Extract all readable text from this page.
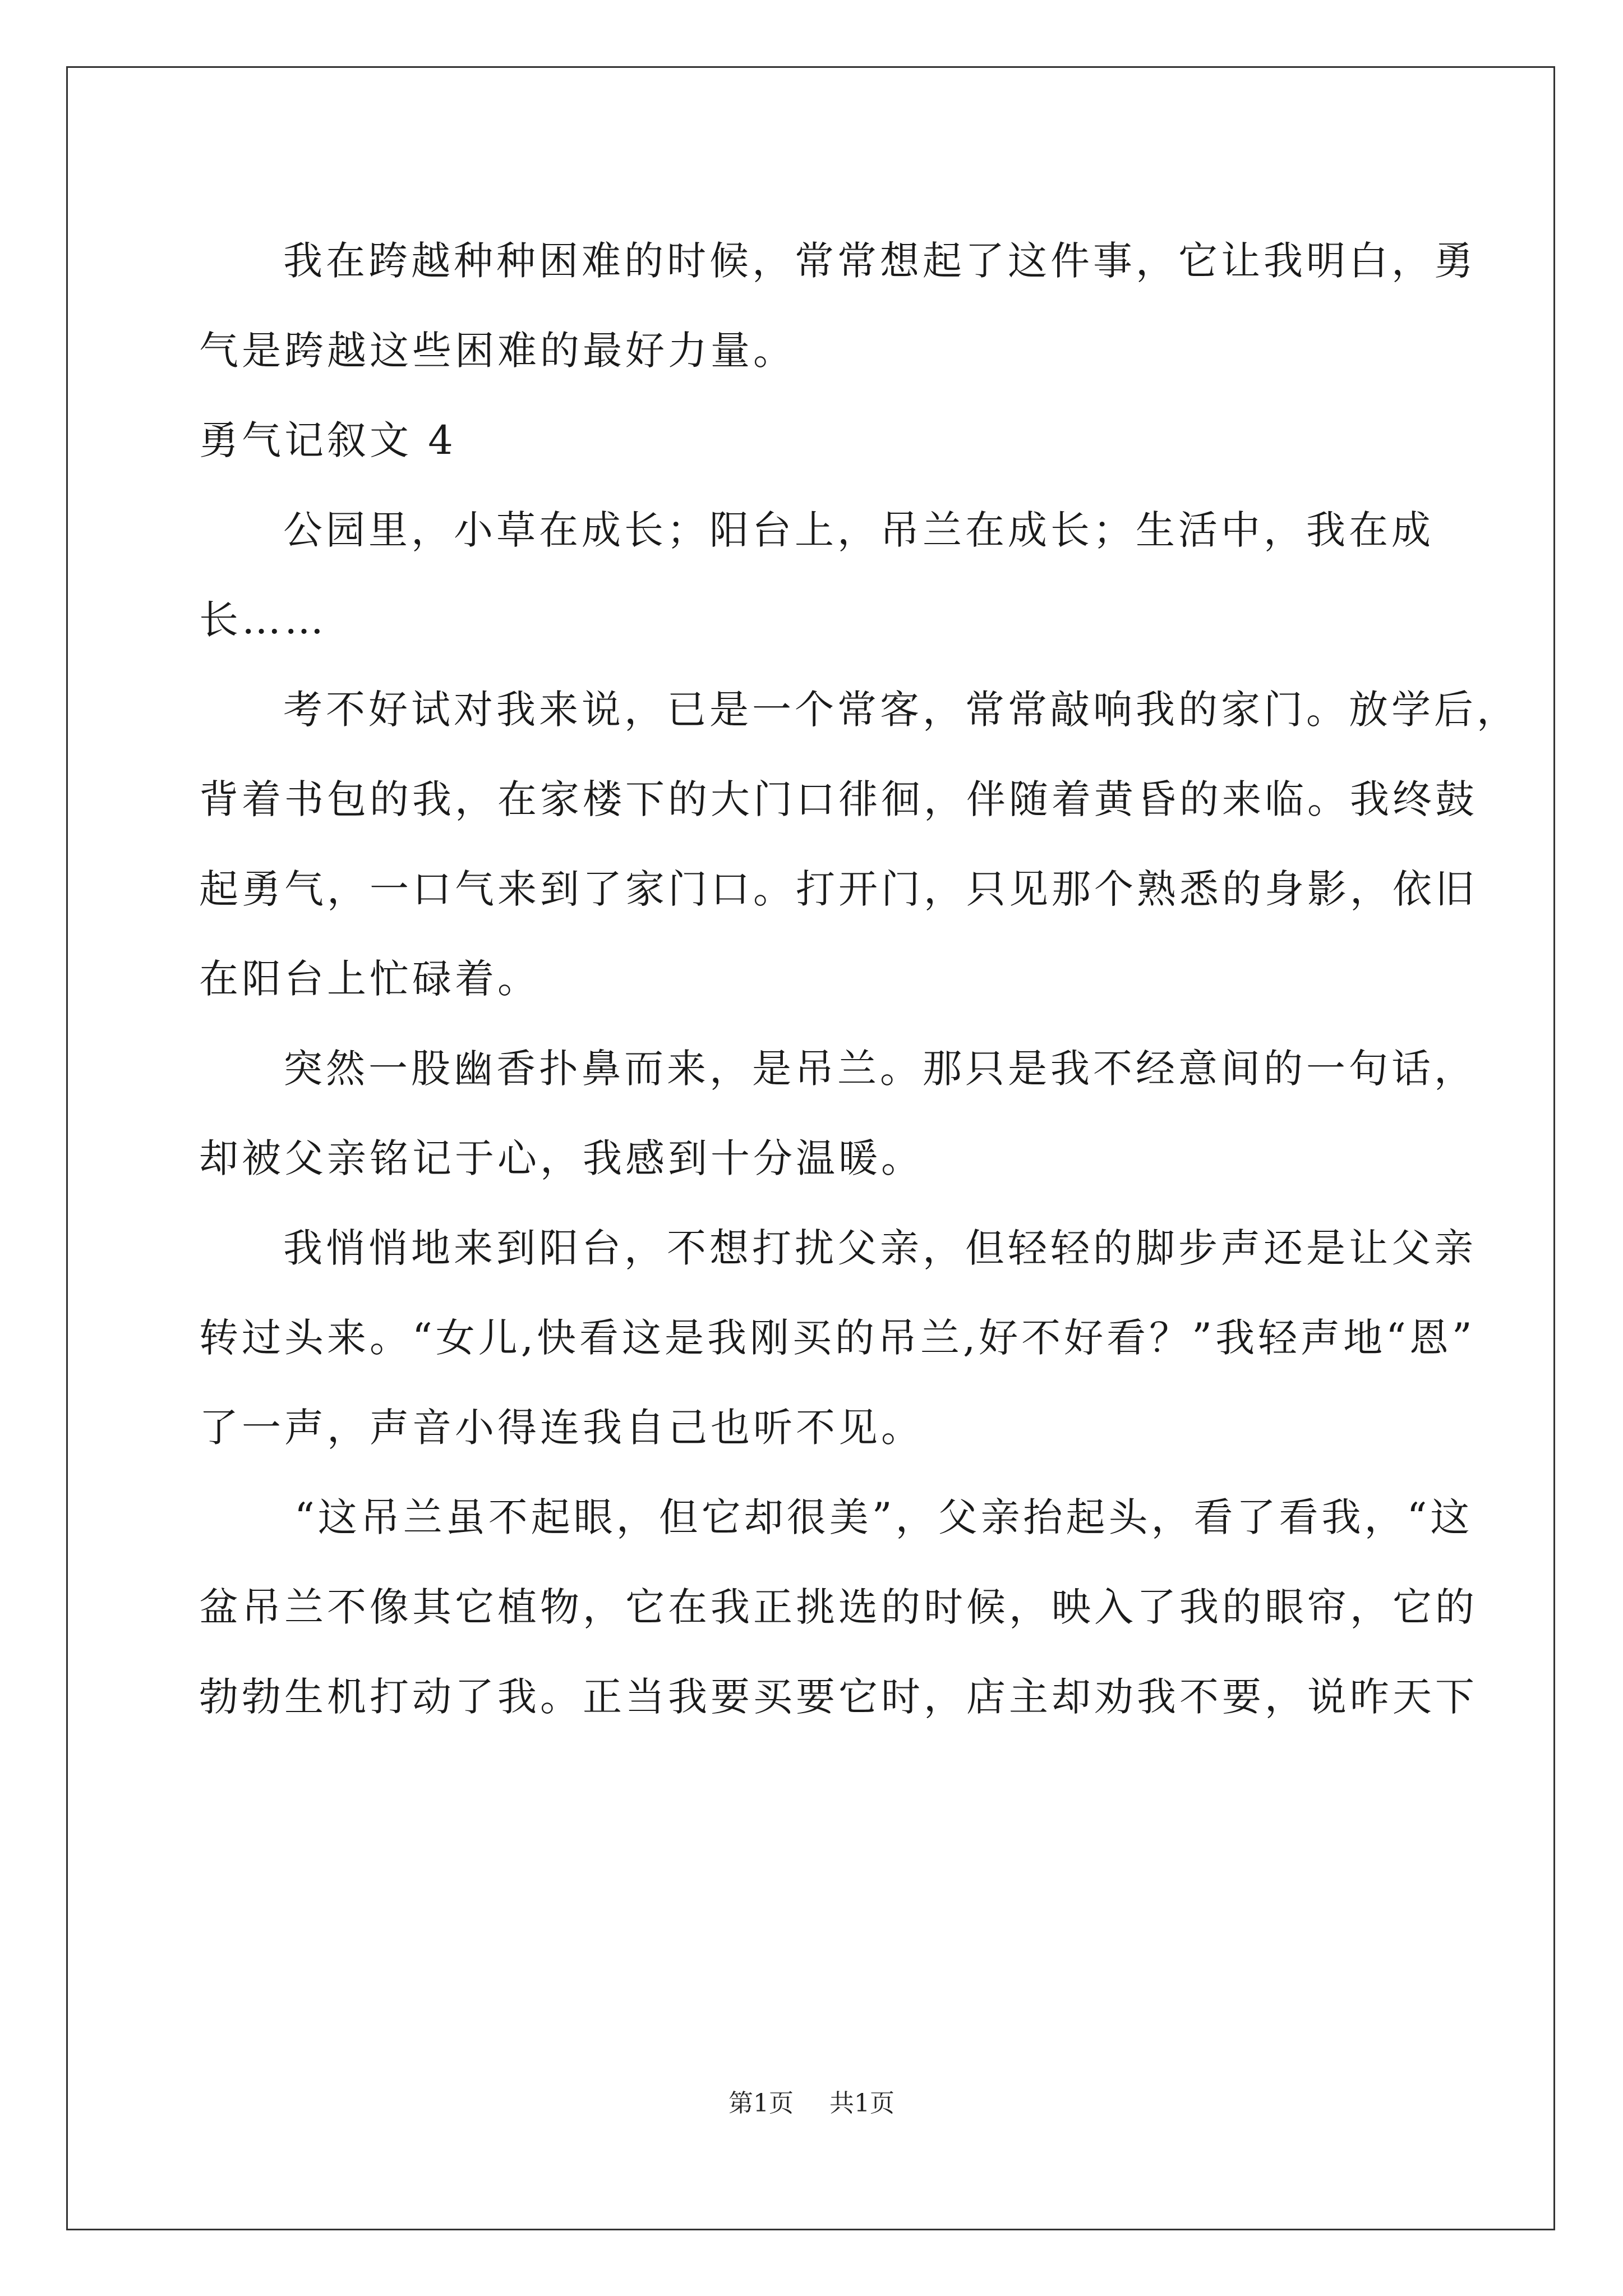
我在跨越种种困难的时候，常常想起了这件事，它让我明白，勇
气是跨越这些困难的最好力量。
勇气记叙文 4
公园里，小草在成长；阳台上，吊兰在成长；生活中，我在成
长……
考不好试对我来说，已是一个常客，常常敲响我的家门。放学后，
背着书包的我，在家楼下的大门口徘徊，伴随着黄昏的来临。我终鼓
起勇气，一口气来到了家门口。打开门，只见那个熟悉的身影，依旧
在阳台上忙碌着。
突然一股幽香扑鼻而来，是吊兰。那只是我不经意间的一句话，
却被父亲铭记于心，我感到十分温暖。
我悄悄地来到阳台，不想打扰父亲，但轻轻的脚步声还是让父亲
转过头来。“女儿,快看这是我刚买的吊兰,好不好看？”我轻声地“恩”
了一声，声音小得连我自己也听不见。
“这吊兰虽不起眼，但它却很美”，父亲抬起头，看了看我，“这
盆吊兰不像其它植物，它在我正挑选的时候，映入了我的眼帘，它的
勃勃生机打动了我。正当我要买要它时，店主却劝我不要，说昨天下
第1页 共1页
